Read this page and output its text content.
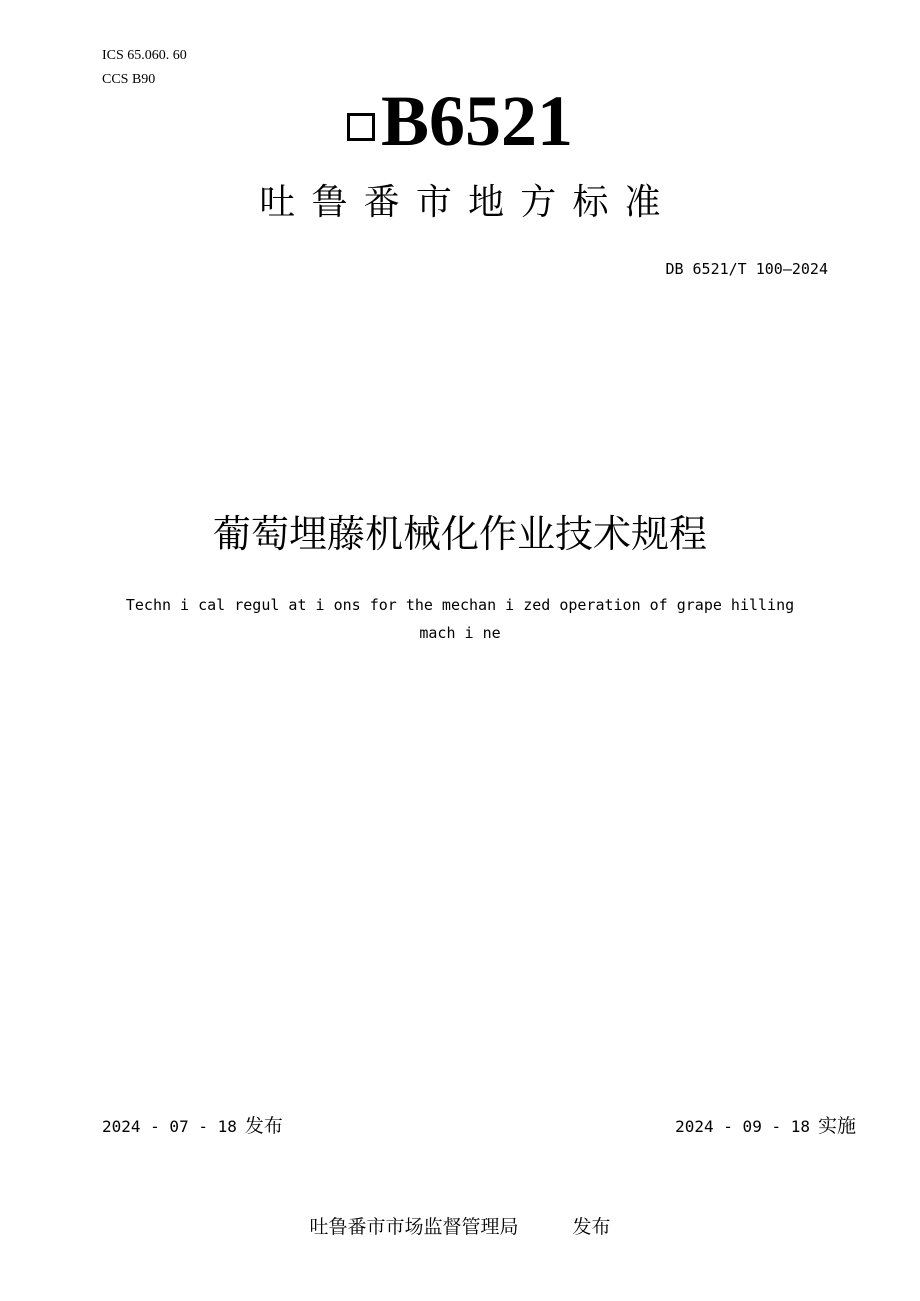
ICS 65.060. 60
CCS B90
B6521
吐鲁番市地方标准
DB 6521/T 100—2024
葡萄埋藤机械化作业技术规程
Techn i cal regul at i ons for the mechan i zed operation of grape hilling
mach i ne
2024 - 07 - 18 发布	2024 - 09 - 18 实施
吐鲁番市市场监督管理局	发布
